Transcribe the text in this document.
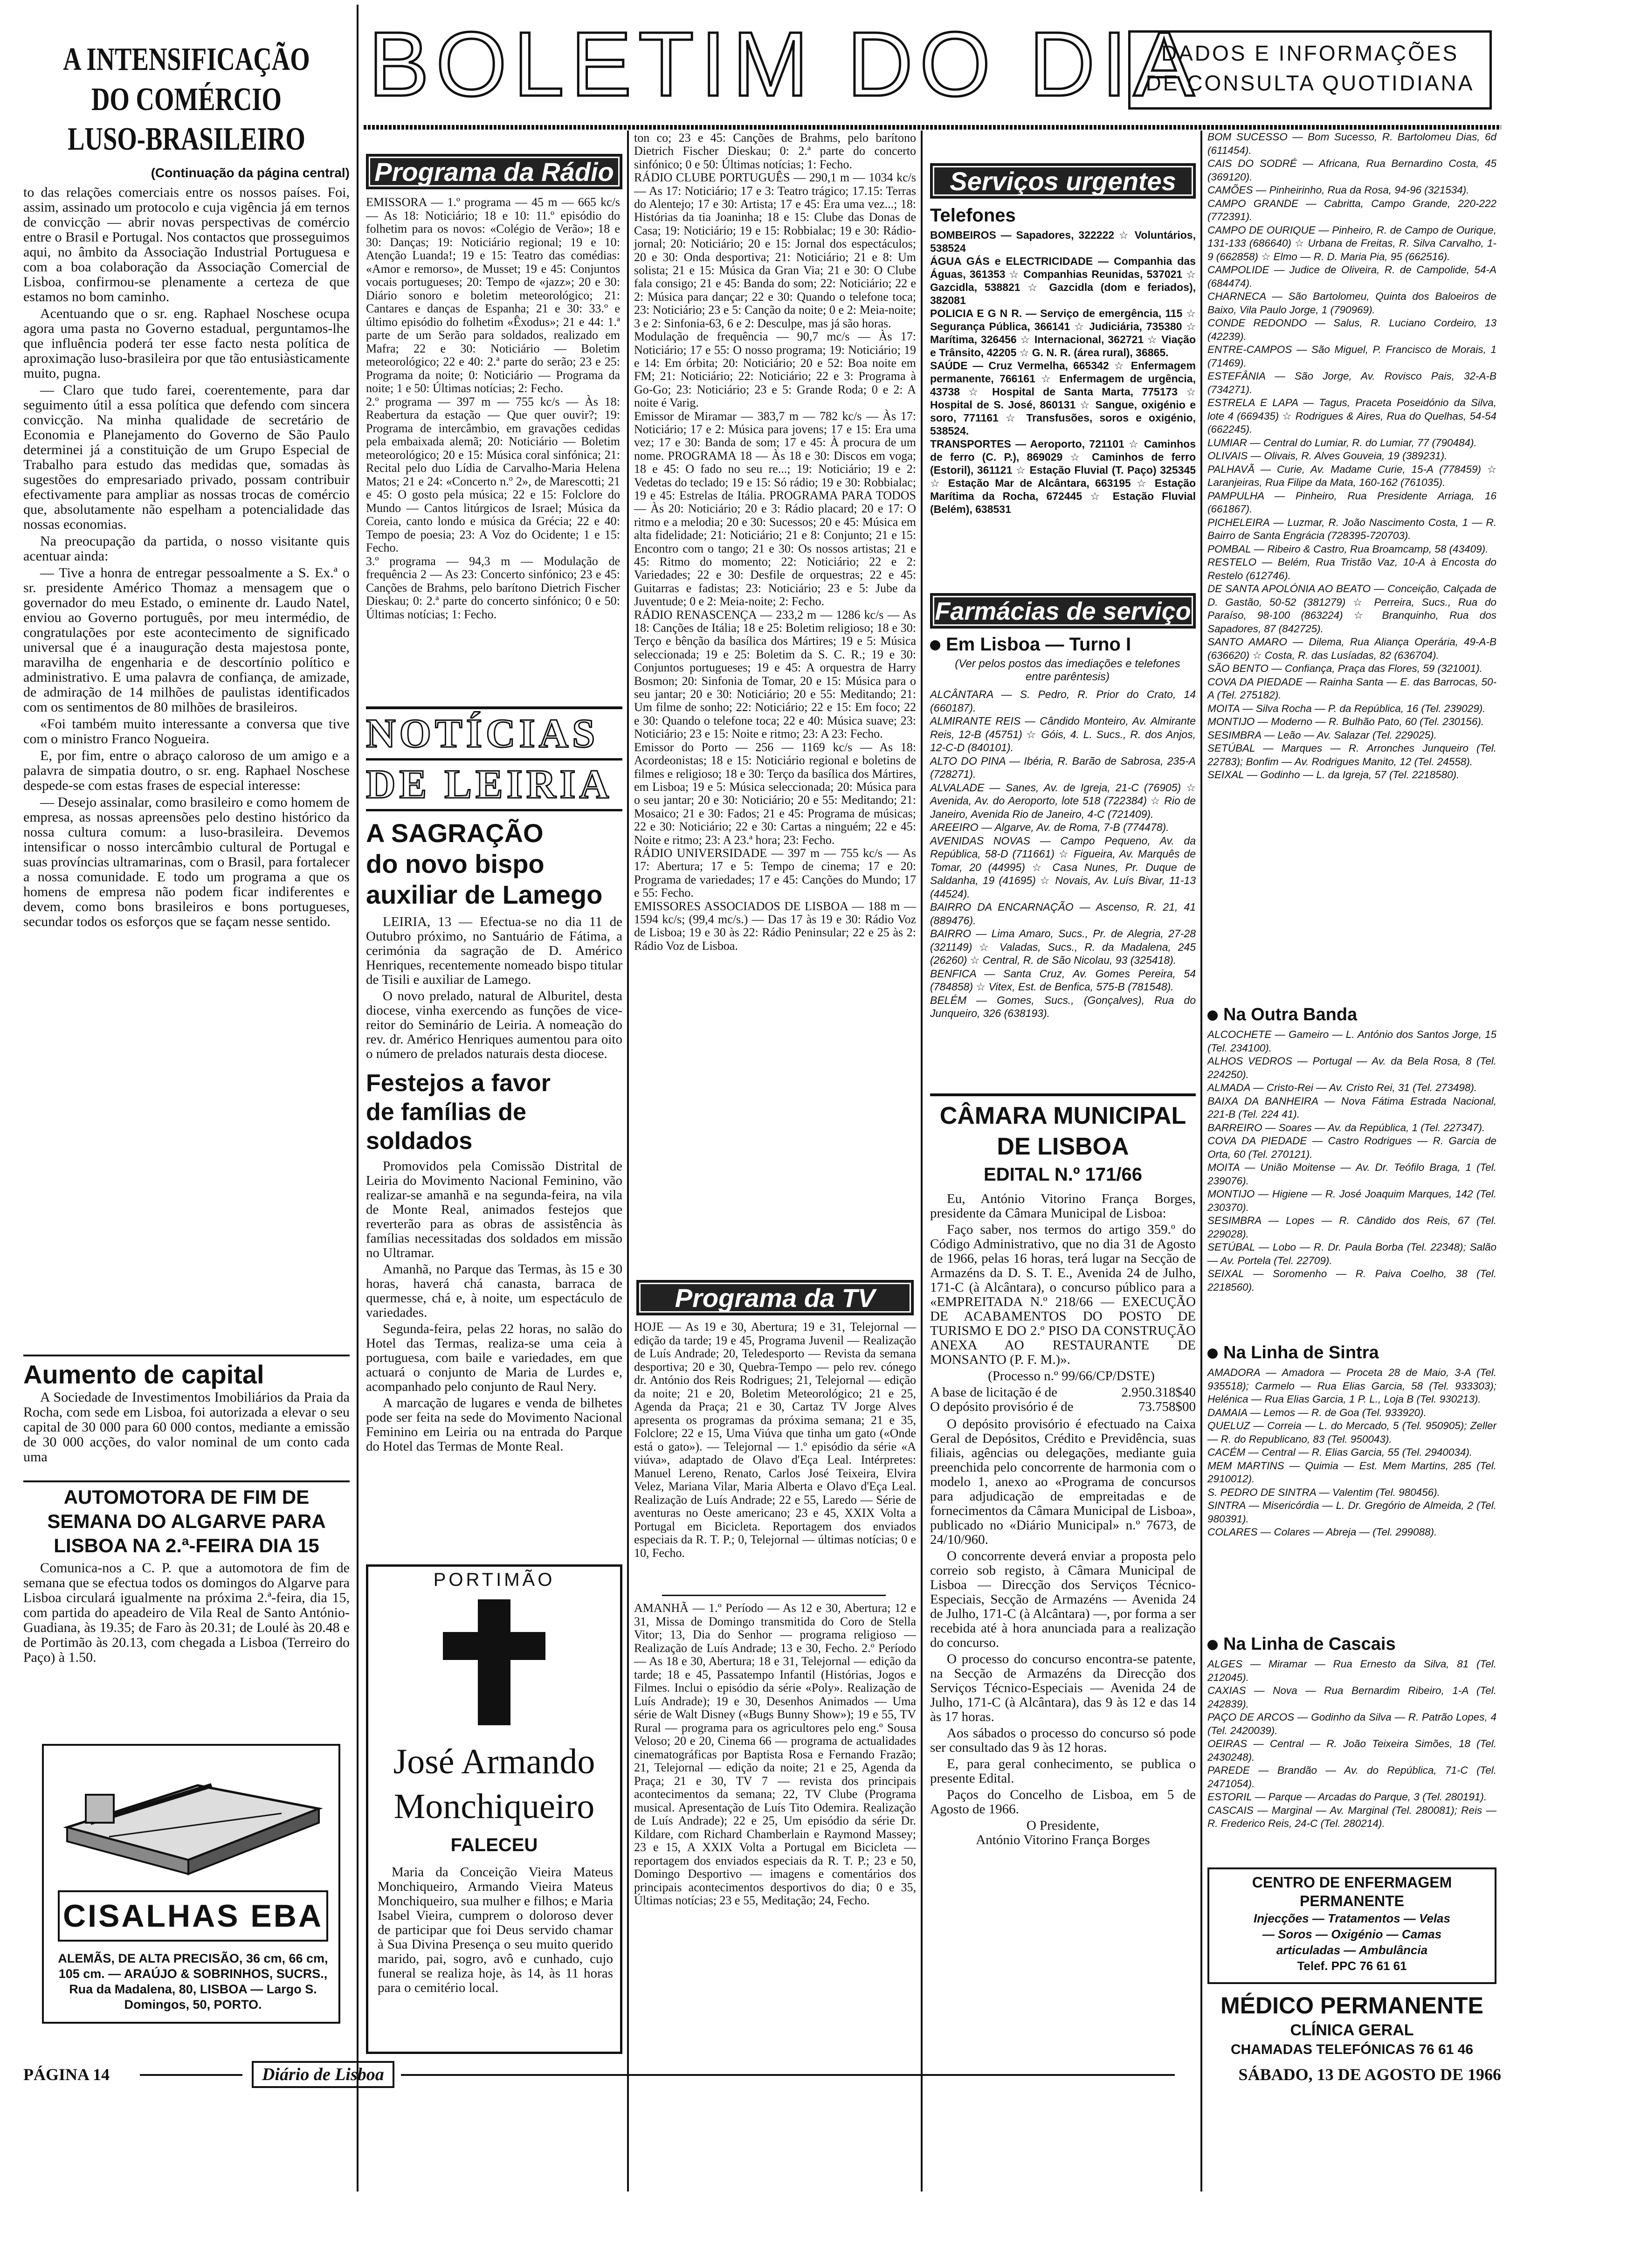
BOLETIM DO DIA
DADOS E INFORMAÇÕES
DE CONSULTA QUOTIDIANA
A INTENSIFICAÇÃO
DO COMÉRCIO
LUSO-BRASILEIRO
(Continuação da página central)

to das relações comerciais entre os nossos países. Foi, assim, assinado um protocolo e cuja vigência já em ternos de convicção — abrir novas perspectivas de comércio entre o Brasil e Portugal. Nos contactos que prosseguimos aqui, no âmbito da Associação Industrial Portuguesa e com a boa colaboração da Associação Comercial de Lisboa, confirmou-se plenamente a certeza de que estamos no bom caminho.

Acentuando que o sr. eng. Raphael Noschese ocupa agora uma pasta no Governo estadual, perguntamos-lhe que influência poderá ter esse facto nesta política de aproximação luso-brasileira por que tão entusiàsticamente muito, pugna.

— Claro que tudo farei, coerentemente, para dar seguimento útil a essa política que defendo com sincera convicção. Na minha qualidade de secretário de Economia e Planejamento do Governo de São Paulo determinei já a constituição de um Grupo Especial de Trabalho para estudo das medidas que, somadas às sugestões do empresariado privado, possam contribuir efectivamente para ampliar as nossas trocas de comércio que, absolutamente não espelham a potencialidade das nossas economias.

Na preocupação da partida, o nosso visitante quis acentuar ainda:

— Tive a honra de entregar pessoalmente a S. Ex.ª o sr. presidente Américo Thomaz a mensagem que o governador do meu Estado, o eminente dr. Laudo Natel, enviou ao Governo português, por meu intermédio, de congratulações por este acontecimento de significado universal que é a inauguração desta majestosa ponte, maravilha de engenharia e de descortínio político e administrativo. E uma palavra de confiança, de amizade, de admiração de 14 milhões de paulistas identificados com os sentimentos de 80 milhões de brasileiros.

«Foi também muito interessante a conversa que tive com o ministro Franco Nogueira.

E, por fim, entre o abraço caloroso de um amigo e a palavra de simpatia doutro, o sr. eng. Raphael Noschese despede-se com estas frases de especial interesse:

— Desejo assinalar, como brasileiro e como homem de empresa, as nossas apreensões pelo destino histórico da nossa cultura comum: a luso-brasileira. Devemos intensificar o nosso intercâmbio cultural de Portugal e suas províncias ultramarinas, com o Brasil, para fortalecer a nossa comunidade. E todo um programa a que os homens de empresa não podem ficar indiferentes e devem, como bons brasileiros e bons portugueses, secundar todos os esforços que se façam nesse sentido.

Aumento de capital
A Sociedade de Investimentos Imobiliários da Praia da Rocha, com sede em Lisboa, foi autorizada a elevar o seu capital de 30 000 para 60 000 contos, mediante a emissão de 30 000 acções, do valor nominal de um conto cada uma
AUTOMOTORA DE FIM DE SEMANA DO ALGARVE PARA LISBOA NA 2.ª-FEIRA DIA 15
Comunica-nos a C. P. que a automotora de fim de semana que se efectua todos os domingos do Algarve para Lisboa circulará igualmente na próxima 2.ª-feira, dia 15, com partida do apeadeiro de Vila Real de Santo António-Guadiana, às 19.35; de Faro às 20.31; de Loulé às 20.48 e de Portimão às 20.13, com chegada a Lisboa (Terreiro do Paço) à 1.50.
CISALHAS EBA
ALEMÃS, DE ALTA PRECISÃO, 36 cm, 66 cm, 105 cm. — ARAÚJO & SOBRINHOS, SUCRS., Rua da Madalena, 80, LISBOA — Largo S. Domingos, 50, PORTO.
Programa da Rádio
EMISSORA — 1.º programa — 45 m — 665 kc/s — As 18: Noticiário; 18 e 10: 11.º episódio do folhetim para os novos: «Colégio de Verão»; 18 e 30: Danças; 19: Noticiário regional; 19 e 10: Atenção Luanda!; 19 e 15: Teatro das comédias: «Amor e remorso», de Musset; 19 e 45: Conjuntos vocais portugueses; 20: Tempo de «jazz»; 20 e 30: Diário sonoro e boletim meteorológico; 21: Cantares e danças de Espanha; 21 e 30: 33.º e último episódio do folhetim «Êxodus»; 21 e 44: 1.ª parte de um Serão para soldados, realizado em Mafra; 22 e 30: Noticiário — Boletim meteorológico; 22 e 40: 2.ª parte do serão; 23 e 25: Programa da noite; 0: Noticiário — Programa da noite; 1 e 50: Últimas notícias; 2: Fecho.
2.º programa — 397 m — 755 kc/s — Às 18: Reabertura da estação — Que quer ouvir?; 19: Programa de intercâmbio, em gravações cedidas pela embaixada alemã; 20: Noticiário — Boletim meteorológico; 20 e 15: Música coral sinfónica; 21: Recital pelo duo Lídia de Carvalho-Maria Helena Matos; 21 e 24: «Concerto n.º 2», de Marescotti; 21 e 45: O gosto pela música; 22 e 15: Folclore do Mundo — Cantos litúrgicos de Israel; Música da Coreia, canto londo e música da Grécia; 22 e 40: Tempo de poesia; 23: A Voz do Ocidente; 1 e 15: Fecho.
3.º programa — 94,3 m — Modulação de frequência 2 — As 23: Concerto sinfónico; 23 e 45: Canções de Brahms, pelo barítono Dietrich Fischer Dieskau; 0: 2.ª parte do concerto sinfónico; 0 e 50: Últimas notícias; 1: Fecho.
NOTÍCIAS
DE LEIRIA
A SAGRAÇÃO
do novo bispo
auxiliar de Lamego

LEIRIA, 13 — Efectua-se no dia 11 de Outubro próximo, no Santuário de Fátima, a cerimónia da sagração de D. Américo Henriques, recentemente nomeado bispo titular de Tisili e auxiliar de Lamego.

O novo prelado, natural de Alburitel, desta diocese, vinha exercendo as funções de vice-reitor do Seminário de Leiria. A nomeação do rev. dr. Américo Henriques aumentou para oito o número de prelados naturais desta diocese.

Festejos a favor
de famílias de soldados

Promovidos pela Comissão Distrital de Leiria do Movimento Nacional Feminino, vão realizar-se amanhã e na segunda-feira, na vila de Monte Real, animados festejos que reverterão para as obras de assistência às famílias necessitadas dos soldados em missão no Ultramar.

Amanhã, no Parque das Termas, às 15 e 30 horas, haverá chá canasta, barraca de quermesse, chá e, à noite, um espectáculo de variedades.

Segunda-feira, pelas 22 horas, no salão do Hotel das Termas, realiza-se uma ceia à portuguesa, com baile e variedades, em que actuará o conjunto de Maria de Lurdes e, acompanhado pelo conjunto de Raul Nery.

A marcação de lugares e venda de bilhetes pode ser feita na sede do Movimento Nacional Feminino em Leiria ou na entrada do Parque do Hotel das Termas de Monte Real.

PORTIMÃO
José Armando
Monchiqueiro
FALECEU
Maria da Conceição Vieira Mateus Monchiqueiro, Armando Vieira Mateus Monchiqueiro, sua mulher e filhos; e Maria Isabel Vieira, cumprem o doloroso dever de participar que foi Deus servido chamar à Sua Divina Presença o seu muito querido marido, pai, sogro, avô e cunhado, cujo funeral se realiza hoje, às 14, às 11 horas para o cemitério local.
ton co; 23 e 45: Canções de Brahms, pelo barítono Dietrich Fischer Dieskau; 0: 2.ª parte do concerto sinfónico; 0 e 50: Últimas notícias; 1: Fecho.
RÁDIO CLUBE PORTUGUÊS — 290,1 m — 1034 kc/s — As 17: Noticiário; 17 e 3: Teatro trágico; 17.15: Terras do Alentejo; 17 e 30: Artista; 17 e 45: Era uma vez...; 18: Histórias da tia Joaninha; 18 e 15: Clube das Donas de Casa; 19: Noticiário; 19 e 15: Robbialac; 19 e 30: Rádio-jornal; 20: Noticiário; 20 e 15: Jornal dos espectáculos; 20 e 30: Onda desportiva; 21: Noticiário; 21 e 8: Um solista; 21 e 15: Música da Gran Via; 21 e 30: O Clube fala consigo; 21 e 45: Banda do som; 22: Noticiário; 22 e 2: Música para dançar; 22 e 30: Quando o telefone toca; 23: Noticiário; 23 e 5: Canção da noite; 0 e 2: Meia-noite; 3 e 2: Sinfonia-63, 6 e 2: Desculpe, mas já são horas.
Modulação de frequência — 90,7 mc/s — Às 17: Noticiário; 17 e 55: O nosso programa; 19: Noticiário; 19 e 14: Em órbita; 20: Noticiário; 20 e 52: Boa noite em FM; 21: Noticiário; 22: Noticiário; 22 e 3: Programa à Go-Go; 23: Noticiário; 23 e 5: Grande Roda; 0 e 2: A noite é Varig.
Emissor de Miramar — 383,7 m — 782 kc/s — Às 17: Noticiário; 17 e 2: Música para jovens; 17 e 15: Era uma vez; 17 e 30: Banda de som; 17 e 45: À procura de um nome. PROGRAMA 18 — Às 18 e 30: Discos em voga; 18 e 45: O fado no seu re...; 19: Noticiário; 19 e 2: Vedetas do teclado; 19 e 15: Só rádio; 19 e 30: Robbialac; 19 e 45: Estrelas de Itália. PROGRAMA PARA TODOS — Às 20: Noticiário; 20 e 3: Rádio placard; 20 e 17: O ritmo e a melodia; 20 e 30: Sucessos; 20 e 45: Música em alta fidelidade; 21: Noticiário; 21 e 8: Conjunto; 21 e 15: Encontro com o tango; 21 e 30: Os nossos artistas; 21 e 45: Ritmo do momento; 22: Noticiário; 22 e 2: Variedades; 22 e 30: Desfile de orquestras; 22 e 45: Guitarras e fadistas; 23: Noticiário; 23 e 5: Jube da Juventude; 0 e 2: Meia-noite; 2: Fecho.
RÁDIO RENASCENÇA — 233,2 m — 1286 kc/s — As 18: Canções de Itália; 18 e 25: Boletim religioso; 18 e 30: Terço e bênção da basílica dos Mártires; 19 e 5: Música seleccionada; 19 e 25: Boletim da S. C. R.; 19 e 30: Conjuntos portugueses; 19 e 45: A orquestra de Harry Bosmon; 20: Sinfonia de Tomar, 20 e 15: Música para o seu jantar; 20 e 30: Noticiário; 20 e 55: Meditando; 21: Um filme de sonho; 22: Noticiário; 22 e 15: Em foco; 22 e 30: Quando o telefone toca; 22 e 40: Música suave; 23: Noticiário; 23 e 15: Noite e ritmo; 23: A 23: Fecho.
Emissor do Porto — 256 — 1169 kc/s — As 18: Acordeonistas; 18 e 15: Noticiário regional e boletins de filmes e religioso; 18 e 30: Terço da basílica dos Mártires, em Lisboa; 19 e 5: Música seleccionada; 20: Música para o seu jantar; 20 e 30: Noticiário; 20 e 55: Meditando; 21: Mosaico; 21 e 30: Fados; 21 e 45: Programa de músicas; 22 e 30: Noticiário; 22 e 30: Cartas a ninguém; 22 e 45: Noite e ritmo; 23: A 23.ª hora; 23: Fecho.
RÁDIO UNIVERSIDADE — 397 m — 755 kc/s — As 17: Abertura; 17 e 5: Tempo de cinema; 17 e 20: Programa de variedades; 17 e 45: Canções do Mundo; 17 e 55: Fecho.
EMISSORES ASSOCIADOS DE LISBOA — 188 m — 1594 kc/s; (99,4 mc/s.) — Das 17 às 19 e 30: Rádio Voz de Lisboa; 19 e 30 às 22: Rádio Peninsular; 22 e 25 às 2: Rádio Voz de Lisboa.
Programa da TV
HOJE — As 19 e 30, Abertura; 19 e 31, Telejornal — edição da tarde; 19 e 45, Programa Juvenil — Realização de Luís Andrade; 20, Teledesporto — Revista da semana desportiva; 20 e 30, Quebra-Tempo — pelo rev. cónego dr. António dos Reis Rodrigues; 21, Telejornal — edição da noite; 21 e 20, Boletim Meteorológico; 21 e 25, Agenda da Praça; 21 e 30, Cartaz TV Jorge Alves apresenta os programas da próxima semana; 21 e 35, Folclore; 22 e 15, Uma Viúva que tinha um gato («Onde está o gato»). — Telejornal — 1.º episódio da série «A viúva», adaptado de Olavo d'Eça Leal. Intérpretes: Manuel Lereno, Renato, Carlos José Teixeira, Elvira Velez, Mariana Vilar, Maria Alberta e Olavo d'Eça Leal. Realização de Luís Andrade; 22 e 55, Laredo — Série de aventuras no Oeste americano; 23 e 45, XXIX Volta a Portugal em Bicicleta. Reportagem dos enviados especiais da R. T. P.; 0, Telejornal — últimas notícias; 0 e 10, Fecho.
AMANHÃ — 1.º Período — As 12 e 30, Abertura; 12 e 31, Missa de Domingo transmitida do Coro de Stella Vitor; 13, Dia do Senhor — programa religioso — Realização de Luís Andrade; 13 e 30, Fecho. 2.º Período — As 18 e 30, Abertura; 18 e 31, Telejornal — edição da tarde; 18 e 45, Passatempo Infantil (Histórias, Jogos e Filmes. Inclui o episódio da série «Poly». Realização de Luís Andrade); 19 e 30, Desenhos Animados — Uma série de Walt Disney («Bugs Bunny Show»); 19 e 55, TV Rural — programa para os agricultores pelo eng.º Sousa Veloso; 20 e 20, Cinema 66 — programa de actualidades cinematográficas por Baptista Rosa e Fernando Frazão; 21, Telejornal — edição da noite; 21 e 25, Agenda da Praça; 21 e 30, TV 7 — revista dos principais acontecimentos da semana; 22, TV Clube (Programa musical. Apresentação de Luís Tito Odemira. Realização de Luís Andrade); 22 e 25, Um episódio da série Dr. Kildare, com Richard Chamberlain e Raymond Massey; 23 e 15, A XXIX Volta a Portugal em Bicicleta — reportagem dos enviados especiais da R. T. P.; 23 e 50, Domingo Desportivo — imagens e comentários dos principais acontecimentos desportivos do dia; 0 e 35, Últimas notícias; 23 e 55, Meditação; 24, Fecho.
Serviços urgentes
Telefones
BOMBEIROS — Sapadores, 322222 ☆ Voluntários, 538524
ÁGUA GÁS e ELECTRICIDADE — Companhia das Águas, 361353 ☆ Companhias Reunidas, 537021 ☆ Gazcidla, 538821 ☆ Gazcidla (dom e feriados), 382081
POLICIA E G N R. — Serviço de emergência, 115 ☆ Segurança Pública, 366141 ☆ Judiciária, 735380 ☆ Marítima, 326456 ☆ Internacional, 362721 ☆ Viação e Trânsito, 42205 ☆ G. N. R. (área rural), 36865.
SAÚDE — Cruz Vermelha, 665342 ☆ Enfermagem permanente, 766161 ☆ Enfermagem de urgência, 43738 ☆ Hospital de Santa Marta, 775173 ☆ Hospital de S. José, 860131 ☆ Sangue, oxigénio e soro, 771161 ☆ Transfusões, soros e oxigénio, 538524.
TRANSPORTES — Aeroporto, 721101 ☆ Caminhos de ferro (C. P.), 869029 ☆ Caminhos de ferro (Estoril), 361121 ☆ Estação Fluvial (T. Paço) 325345 ☆ Estação Mar de Alcântara, 663195 ☆ Estação Marítima da Rocha, 672445 ☆ Estação Fluvial (Belém), 638531
Farmácias de serviço
Em Lisboa — Turno I
(Ver pelos postos das imediações e telefones entre parêntesis)
ALCÂNTARA — S. Pedro, R. Prior do Crato, 14 (660187).
ALMIRANTE REIS — Cândido Monteiro, Av. Almirante Reis, 12-B (45751) ☆ Góis, 4. L. Sucs., R. dos Anjos, 12-C-D (840101).
ALTO DO PINA — Ibéria, R. Barão de Sabrosa, 235-A (728271).
ALVALADE — Sanes, Av. de Igreja, 21-C (76905) ☆ Avenida, Av. do Aeroporto, lote 518 (722384) ☆ Rio de Janeiro, Avenida Rio de Janeiro, 4-C (721409).
AREEIRO — Algarve, Av. de Roma, 7-B (774478).
AVENIDAS NOVAS — Campo Pequeno, Av. da República, 58-D (711661) ☆ Figueira, Av. Marquês de Tomar, 20 (44995) ☆ Casa Nunes, Pr. Duque de Saldanha, 19 (41695) ☆ Novais, Av. Luís Bivar, 11-13 (44524).
BAIRRO DA ENCARNAÇÃO — Ascenso, R. 21, 41 (889476).
BAIRRO — Lima Amaro, Sucs., Pr. de Alegria, 27-28 (321149) ☆ Valadas, Sucs., R. da Madalena, 245 (26260) ☆ Central, R. de São Nicolau, 93 (325418).
BENFICA — Santa Cruz, Av. Gomes Pereira, 54 (784858) ☆ Vitex, Est. de Benfica, 575-B (781548).
BELÉM — Gomes, Sucs., (Gonçalves), Rua do Junqueiro, 326 (638193).
CÂMARA MUNICIPAL
DE LISBOA
EDITAL N.º 171/66

Eu, António Vitorino França Borges, presidente da Câmara Municipal de Lisboa:

Faço saber, nos termos do artigo 359.º do Código Administrativo, que no dia 31 de Agosto de 1966, pelas 16 horas, terá lugar na Secção de Armazéns da D. S. T. E., Avenida 24 de Julho, 171-C (à Alcântara), o concurso público para a «EMPREITADA N.º 218/66 — EXECUÇÃO DE ACABAMENTOS DO POSTO DE TURISMO E DO 2.º PISO DA CONSTRUÇÃO ANEXA AO RESTAURANTE DE MONSANTO (P. F. M.)».

(Processo n.º 99/66/CP/DSTE)

A base de licitação é de	2.950.318$40
O depósito provisório é de	73.758$00

O depósito provisório é efectuado na Caixa Geral de Depósitos, Crédito e Previdência, suas filiais, agências ou delegações, mediante guia preenchida pelo concorrente de harmonia com o modelo 1, anexo ao «Programa de concursos para adjudicação de empreitadas e de fornecimentos da Câmara Municipal de Lisboa», publicado no «Diário Municipal» n.º 7673, de 24/10/960.

O concorrente deverá enviar a proposta pelo correio sob registo, à Câmara Municipal de Lisboa — Direcção dos Serviços Técnico-Especiais, Secção de Armazéns — Avenida 24 de Julho, 171-C (à Alcântara) —, por forma a ser recebida até à hora anunciada para a realização do concurso.

O processo do concurso encontra-se patente, na Secção de Armazéns da Direcção dos Serviços Técnico-Especiais — Avenida 24 de Julho, 171-C (à Alcântara), das 9 às 12 e das 14 às 17 horas.

Aos sábados o processo do concurso só pode ser consultado das 9 às 12 horas.

E, para geral conhecimento, se publica o presente Edital.

Paços do Concelho de Lisboa, em 5 de Agosto de 1966.

O Presidente,
António Vitorino França Borges
BOM SUCESSO — Bom Sucesso, R. Bartolomeu Dias, 6d (611454).
CAIS DO SODRÉ — Africana, Rua Bernardino Costa, 45 (369120).
CAMÕES — Pinheirinho, Rua da Rosa, 94-96 (321534).
CAMPO GRANDE — Cabritta, Campo Grande, 220-222 (772391).
CAMPO DE OURIQUE — Pinheiro, R. de Campo de Ourique, 131-133 (686640) ☆ Urbana de Freitas, R. Silva Carvalho, 1-9 (662858) ☆ Elmo — R. D. Maria Pia, 95 (662516).
CAMPOLIDE — Judice de Oliveira, R. de Campolide, 54-A (684474).
CHARNECA — São Bartolomeu, Quinta dos Baloeiros de Baixo, Vila Paulo Jorge, 1 (790969).
CONDE REDONDO — Salus, R. Luciano Cordeiro, 13 (42239).
ENTRE-CAMPOS — São Miguel, P. Francisco de Morais, 1 (71469).
ESTEFÂNIA — São Jorge, Av. Rovisco Pais, 32-A-B (734271).
ESTRELA E LAPA — Tagus, Praceta Poseidónio da Silva, lote 4 (669435) ☆ Rodrigues & Aires, Rua do Quelhas, 54-54 (662245).
LUMIAR — Central do Lumiar, R. do Lumiar, 77 (790484).
OLIVAIS — Olivais, R. Alves Gouveia, 19 (389231).
PALHAVÃ — Curie, Av. Madame Curie, 15-A (778459) ☆ Laranjeiras, Rua Filipe da Mata, 160-162 (761035).
PAMPULHA — Pinheiro, Rua Presidente Arriaga, 16 (661867).
PICHELEIRA — Luzmar, R. João Nascimento Costa, 1 — R. Bairro de Santa Engrácia (728395-720703).
POMBAL — Ribeiro & Castro, Rua Broamcamp, 58 (43409).
RESTELO — Belém, Rua Tristão Vaz, 10-A à Encosta do Restelo (612746).
DE SANTA APOLÓNIA AO BEATO — Conceição, Calçada de D. Gastão, 50-52 (381279) ☆ Perreira, Sucs., Rua do Paraíso, 98-100 (863224) ☆ Branquinho, Rua dos Sapadores, 87 (842725).
SANTO AMARO — Dilema, Rua Aliança Operária, 49-A-B (636620) ☆ Costa, R. das Lusíadas, 82 (636704).
SÃO BENTO — Confiança, Praça das Flores, 59 (321001).
COVA DA PIEDADE — Rainha Santa — E. das Barrocas, 50-A (Tel. 275182).
MOITA — Silva Rocha — P. da República, 16 (Tel. 239029).
MONTIJO — Moderno — R. Bulhão Pato, 60 (Tel. 230156).
SESIMBRA — Leão — Av. Salazar (Tel. 229025).
SETÚBAL — Marques — R. Arronches Junqueiro (Tel. 22783); Bonfim — Av. Rodrigues Manito, 12 (Tel. 24558).
SEIXAL — Godinho — L. da Igreja, 57 (Tel. 2218580).
Na Outra Banda
ALCOCHETE — Gameiro — L. António dos Santos Jorge, 15 (Tel. 234100).
ALHOS VEDROS — Portugal — Av. da Bela Rosa, 8 (Tel. 224250).
ALMADA — Cristo-Rei — Av. Cristo Rei, 31 (Tel. 273498).
BAIXA DA BANHEIRA — Nova Fátima Estrada Nacional, 221-B (Tel. 224 41).
BARREIRO — Soares — Av. da República, 1 (Tel. 227347).
COVA DA PIEDADE — Castro Rodrigues — R. Garcia de Orta, 60 (Tel. 270121).
MOITA — União Moitense — Av. Dr. Teófilo Braga, 1 (Tel. 239076).
MONTIJO — Higiene — R. José Joaquim Marques, 142 (Tel. 230370).
SESIMBRA — Lopes — R. Cândido dos Reis, 67 (Tel. 229028).
SETÚBAL — Lobo — R. Dr. Paula Borba (Tel. 22348); Salão — Av. Portela (Tel. 22709).
SEIXAL — Soromenho — R. Paiva Coelho, 38 (Tel. 2218560).
Na Linha de Sintra
AMADORA — Amadora — Proceta 28 de Maio, 3-A (Tel. 935518); Carmelo — Rua Elias Garcia, 58 (Tel. 933303); Helénica — Rua Elias Garcia, 1 P. L., Loja B (Tel. 930213).
DAMAIA — Lemos — R. de Goa (Tel. 933920).
QUELUZ — Correia — L. do Mercado, 5 (Tel. 950905); Zeller — R. do Republicano, 83 (Tel. 950043).
CACÉM — Central — R. Elias Garcia, 55 (Tel. 2940034).
MEM MARTINS — Quimia — Est. Mem Martins, 285 (Tel. 2910012).
S. PEDRO DE SINTRA — Valentim (Tel. 980456).
SINTRA — Misericórdia — L. Dr. Gregório de Almeida, 2 (Tel. 980391).
COLARES — Colares — Abreja — (Tel. 299088).
Na Linha de Cascais
ALGES — Miramar — Rua Ernesto da Silva, 81 (Tel. 212045).
CAXIAS — Nova — Rua Bernardim Ribeiro, 1-A (Tel. 242839).
PAÇO DE ARCOS — Godinho da Silva — R. Patrão Lopes, 4 (Tel. 2420039).
OEIRAS — Central — R. João Teixeira Simões, 18 (Tel. 2430248).
PAREDE — Brandão — Av. do República, 71-C (Tel. 2471054).
ESTORIL — Parque — Arcadas do Parque, 3 (Tel. 280191).
CASCAIS — Marginal — Av. Marginal (Tel. 280081); Reis — R. Frederico Reis, 24-C (Tel. 280214).
CENTRO DE ENFERMAGEM
PERMANENTE
Injecções — Tratamentos — Velas
— Soros — Oxigénio — Camas
articuladas — Ambulância
Telef. PPC 76 61 61
MÉDICO PERMANENTE
CLÍNICA GERAL
CHAMADAS TELEFÓNICAS 76 61 46
PÁGINA 14	Diário de Lisboa	SÁBADO, 13 DE AGOSTO DE 1966
